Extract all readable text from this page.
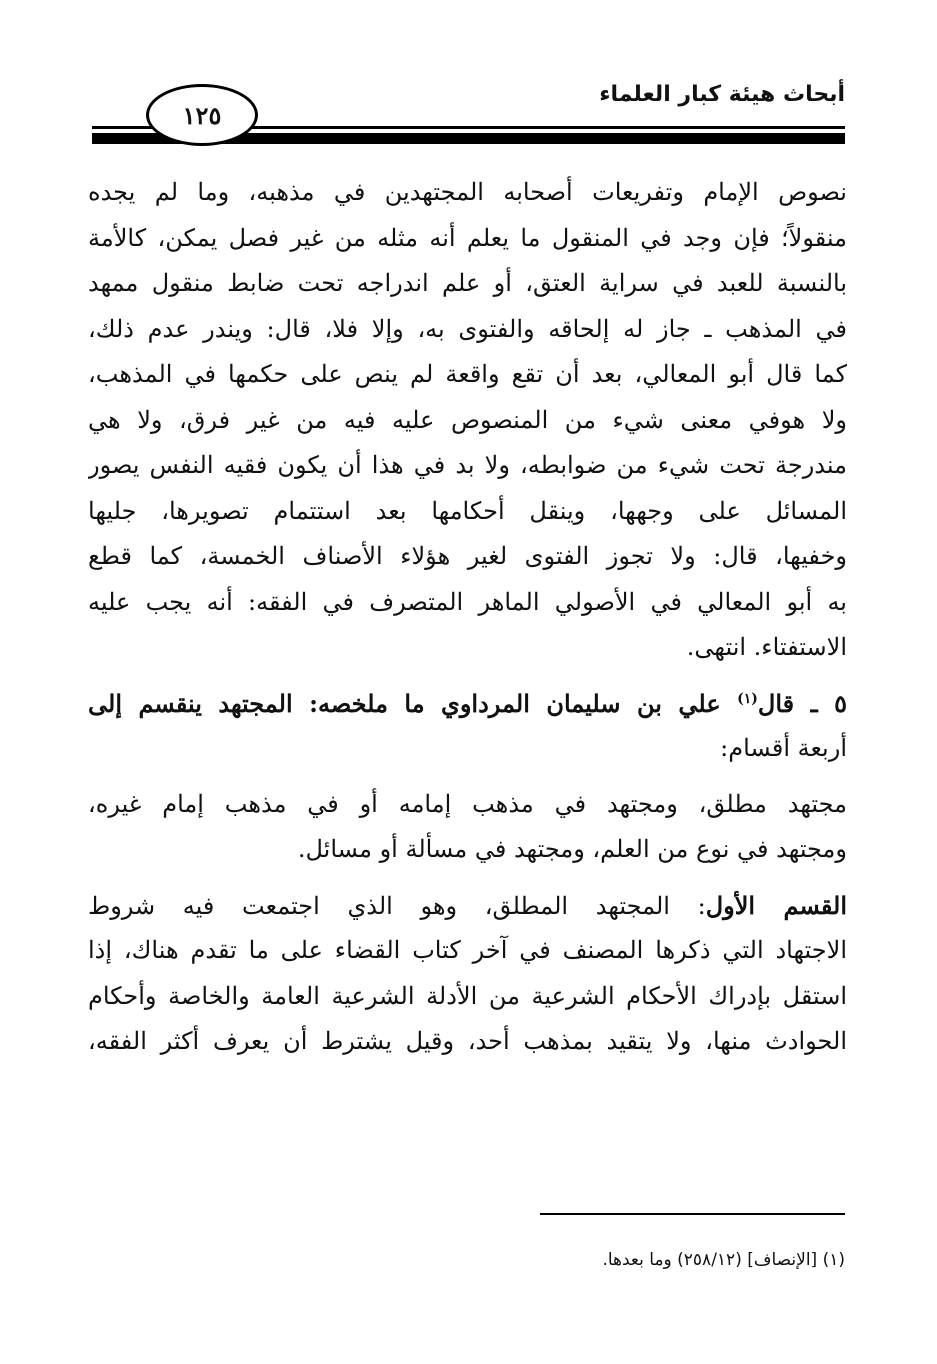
أبحاث هيئة كبار العلماء
١٢٥
نصوص الإمام وتفريعات أصحابه المجتهدين في مذهبه، وما لم يجده
منقولاً؛ فإن وجد في المنقول ما يعلم أنه مثله من غير فصل يمكن، كالأمة
بالنسبة للعبد في سراية العتق، أو علم اندراجه تحت ضابط منقول ممهد
في المذهب ـ جاز له إلحاقه والفتوى به، وإلا فلا، قال: ويندر عدم ذلك،
كما قال أبو المعالي، بعد أن تقع واقعة لم ينص على حكمها في المذهب،
ولا هوفي معنى شيء من المنصوص عليه فيه من غير فرق، ولا هي
مندرجة تحت شيء من ضوابطه، ولا بد في هذا أن يكون فقيه النفس يصور
المسائل على وجهها، وينقل أحكامها بعد استتمام تصويرها، جليها
وخفيها، قال: ولا تجوز الفتوى لغير هؤلاء الأصناف الخمسة، كما قطع
به أبو المعالي في الأصولي الماهر المتصرف في الفقه: أنه يجب عليه
الاستفتاء. انتهى.
٥ ـ قال$^{(١)}$ علي بن سليمان المرداوي ما ملخصه: المجتهد ينقسم إلى
أربعة أقسام:
مجتهد مطلق، ومجتهد في مذهب إمامه أو في مذهب إمام غيره،
ومجتهد في نوع من العلم، ومجتهد في مسألة أو مسائل.
القسم الأول: المجتهد المطلق، وهو الذي اجتمعت فيه شروط
الاجتهاد التي ذكرها المصنف في آخر كتاب القضاء على ما تقدم هناك، إذا
استقل بإدراك الأحكام الشرعية من الأدلة الشرعية العامة والخاصة وأحكام
الحوادث منها، ولا يتقيد بمذهب أحد، وقيل يشترط أن يعرف أكثر الفقه،
(١) [الإنصاف] (٢٥٨/١٢) وما بعدها.
